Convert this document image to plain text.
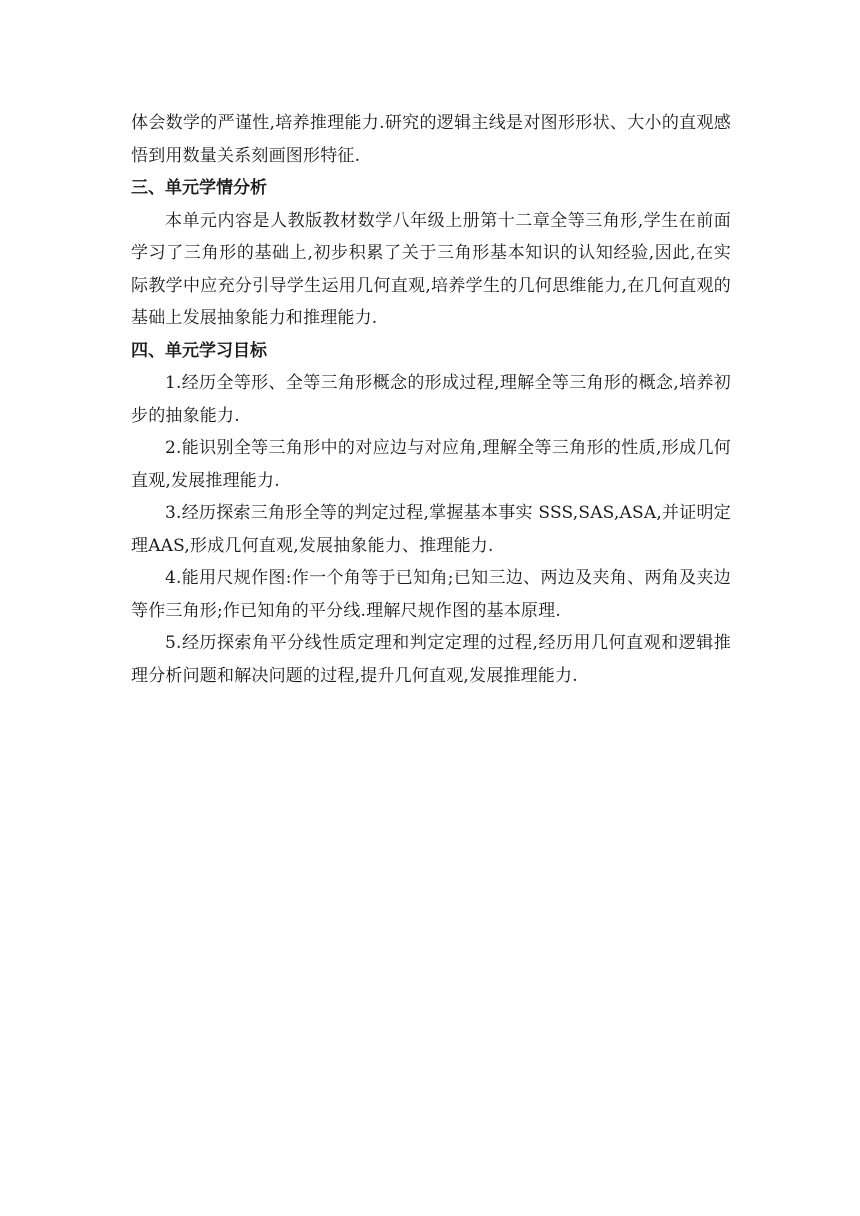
体会数学的严谨性,培养推理能力.研究的逻辑主线是对图形形状、大小的直观感悟到用数量关系刻画图形特征.

三、单元学情分析

本单元内容是人教版教材数学八年级上册第十二章全等三角形,学生在前面学习了三角形的基础上,初步积累了关于三角形基本知识的认知经验,因此,在实际教学中应充分引导学生运用几何直观,培养学生的几何思维能力,在几何直观的基础上发展抽象能力和推理能力.

四、单元学习目标

1.经历全等形、全等三角形概念的形成过程,理解全等三角形的概念,培养初步的抽象能力.

2.能识别全等三角形中的对应边与对应角,理解全等三角形的性质,形成几何直观,发展推理能力.

3.经历探索三角形全等的判定过程,掌握基本事实 SSS,SAS,ASA,并证明定理AAS,形成几何直观,发展抽象能力、推理能力.

4.能用尺规作图:作一个角等于已知角;已知三边、两边及夹角、两角及夹边等作三角形;作已知角的平分线.理解尺规作图的基本原理.

5.经历探索角平分线性质定理和判定定理的过程,经历用几何直观和逻辑推理分析问题和解决问题的过程,提升几何直观,发展推理能力.
